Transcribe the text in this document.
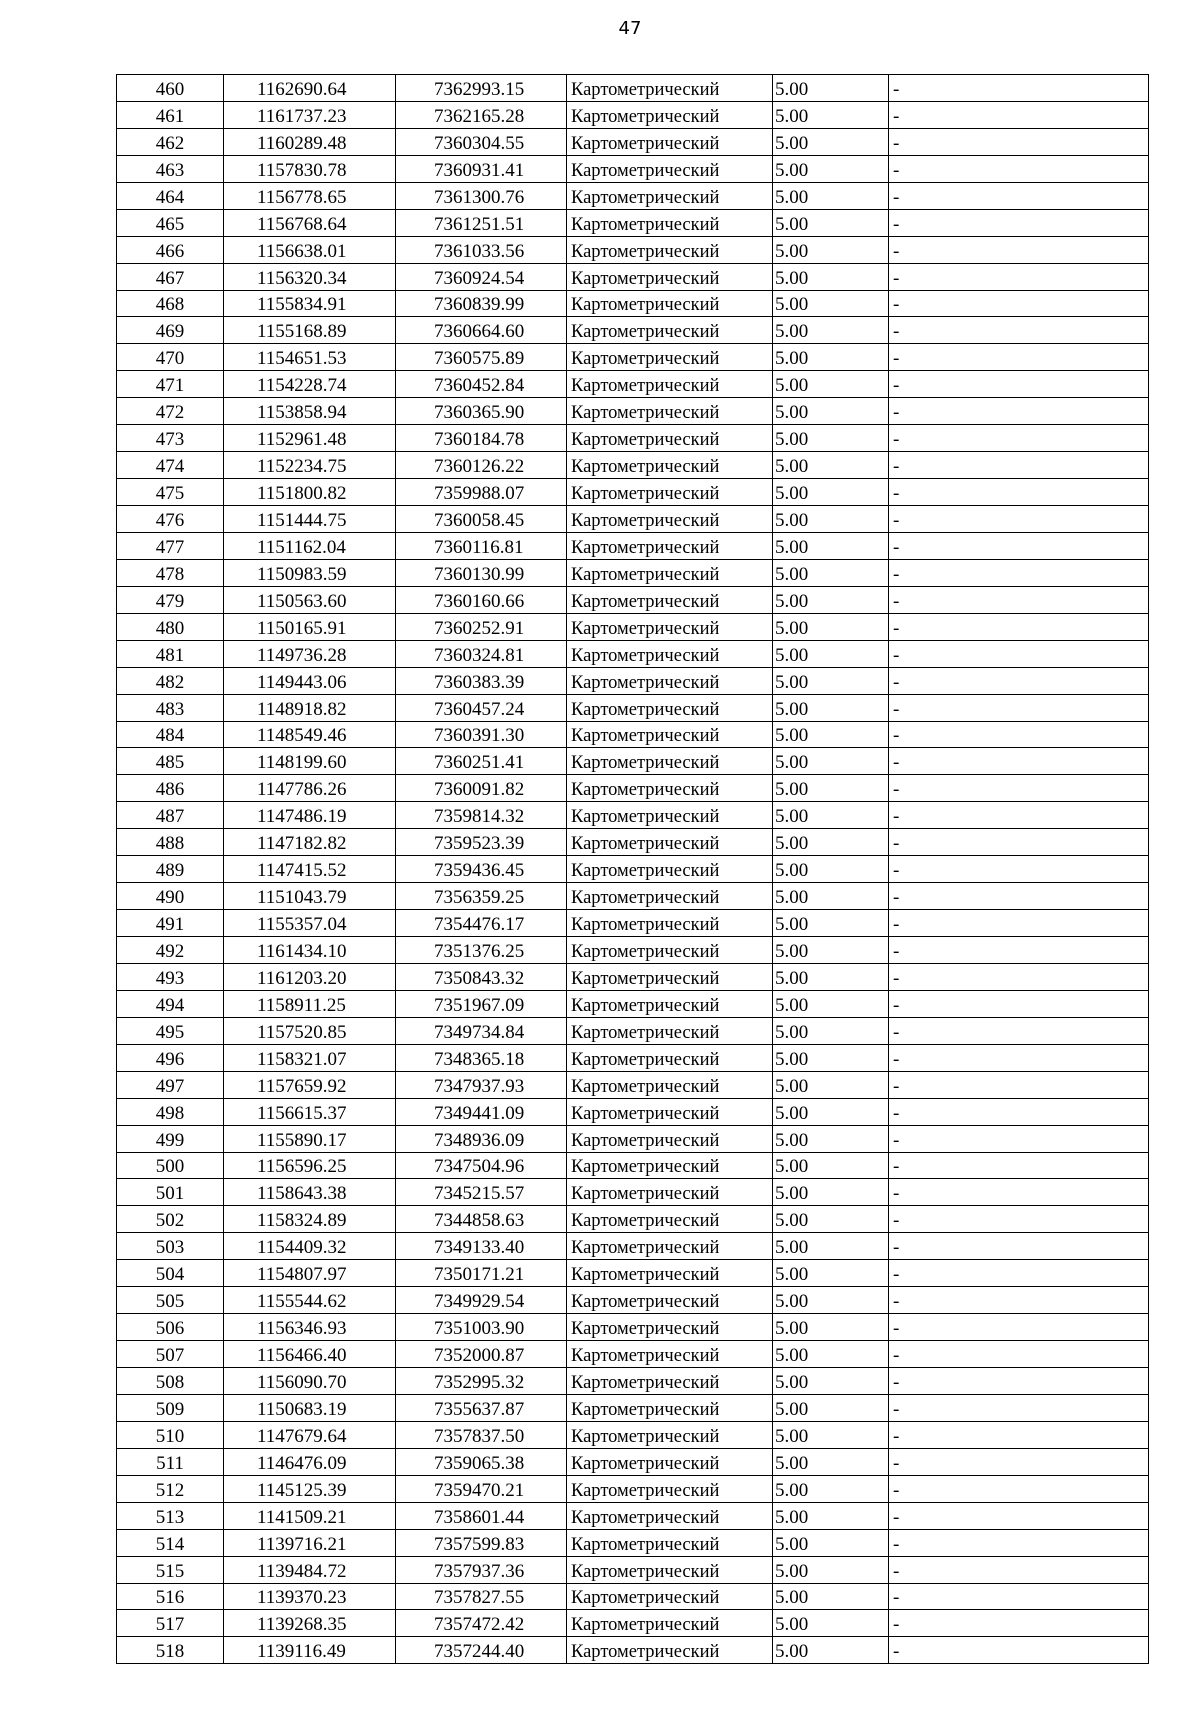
47
460	1162690.64	7362993.15	Картометрический	5.00	-
461	1161737.23	7362165.28	Картометрический	5.00	-
462	1160289.48	7360304.55	Картометрический	5.00	-
463	1157830.78	7360931.41	Картометрический	5.00	-
464	1156778.65	7361300.76	Картометрический	5.00	-
465	1156768.64	7361251.51	Картометрический	5.00	-
466	1156638.01	7361033.56	Картометрический	5.00	-
467	1156320.34	7360924.54	Картометрический	5.00	-
468	1155834.91	7360839.99	Картометрический	5.00	-
469	1155168.89	7360664.60	Картометрический	5.00	-
470	1154651.53	7360575.89	Картометрический	5.00	-
471	1154228.74	7360452.84	Картометрический	5.00	-
472	1153858.94	7360365.90	Картометрический	5.00	-
473	1152961.48	7360184.78	Картометрический	5.00	-
474	1152234.75	7360126.22	Картометрический	5.00	-
475	1151800.82	7359988.07	Картометрический	5.00	-
476	1151444.75	7360058.45	Картометрический	5.00	-
477	1151162.04	7360116.81	Картометрический	5.00	-
478	1150983.59	7360130.99	Картометрический	5.00	-
479	1150563.60	7360160.66	Картометрический	5.00	-
480	1150165.91	7360252.91	Картометрический	5.00	-
481	1149736.28	7360324.81	Картометрический	5.00	-
482	1149443.06	7360383.39	Картометрический	5.00	-
483	1148918.82	7360457.24	Картометрический	5.00	-
484	1148549.46	7360391.30	Картометрический	5.00	-
485	1148199.60	7360251.41	Картометрический	5.00	-
486	1147786.26	7360091.82	Картометрический	5.00	-
487	1147486.19	7359814.32	Картометрический	5.00	-
488	1147182.82	7359523.39	Картометрический	5.00	-
489	1147415.52	7359436.45	Картометрический	5.00	-
490	1151043.79	7356359.25	Картометрический	5.00	-
491	1155357.04	7354476.17	Картометрический	5.00	-
492	1161434.10	7351376.25	Картометрический	5.00	-
493	1161203.20	7350843.32	Картометрический	5.00	-
494	1158911.25	7351967.09	Картометрический	5.00	-
495	1157520.85	7349734.84	Картометрический	5.00	-
496	1158321.07	7348365.18	Картометрический	5.00	-
497	1157659.92	7347937.93	Картометрический	5.00	-
498	1156615.37	7349441.09	Картометрический	5.00	-
499	1155890.17	7348936.09	Картометрический	5.00	-
500	1156596.25	7347504.96	Картометрический	5.00	-
501	1158643.38	7345215.57	Картометрический	5.00	-
502	1158324.89	7344858.63	Картометрический	5.00	-
503	1154409.32	7349133.40	Картометрический	5.00	-
504	1154807.97	7350171.21	Картометрический	5.00	-
505	1155544.62	7349929.54	Картометрический	5.00	-
506	1156346.93	7351003.90	Картометрический	5.00	-
507	1156466.40	7352000.87	Картометрический	5.00	-
508	1156090.70	7352995.32	Картометрический	5.00	-
509	1150683.19	7355637.87	Картометрический	5.00	-
510	1147679.64	7357837.50	Картометрический	5.00	-
511	1146476.09	7359065.38	Картометрический	5.00	-
512	1145125.39	7359470.21	Картометрический	5.00	-
513	1141509.21	7358601.44	Картометрический	5.00	-
514	1139716.21	7357599.83	Картометрический	5.00	-
515	1139484.72	7357937.36	Картометрический	5.00	-
516	1139370.23	7357827.55	Картометрический	5.00	-
517	1139268.35	7357472.42	Картометрический	5.00	-
518	1139116.49	7357244.40	Картометрический	5.00	-
